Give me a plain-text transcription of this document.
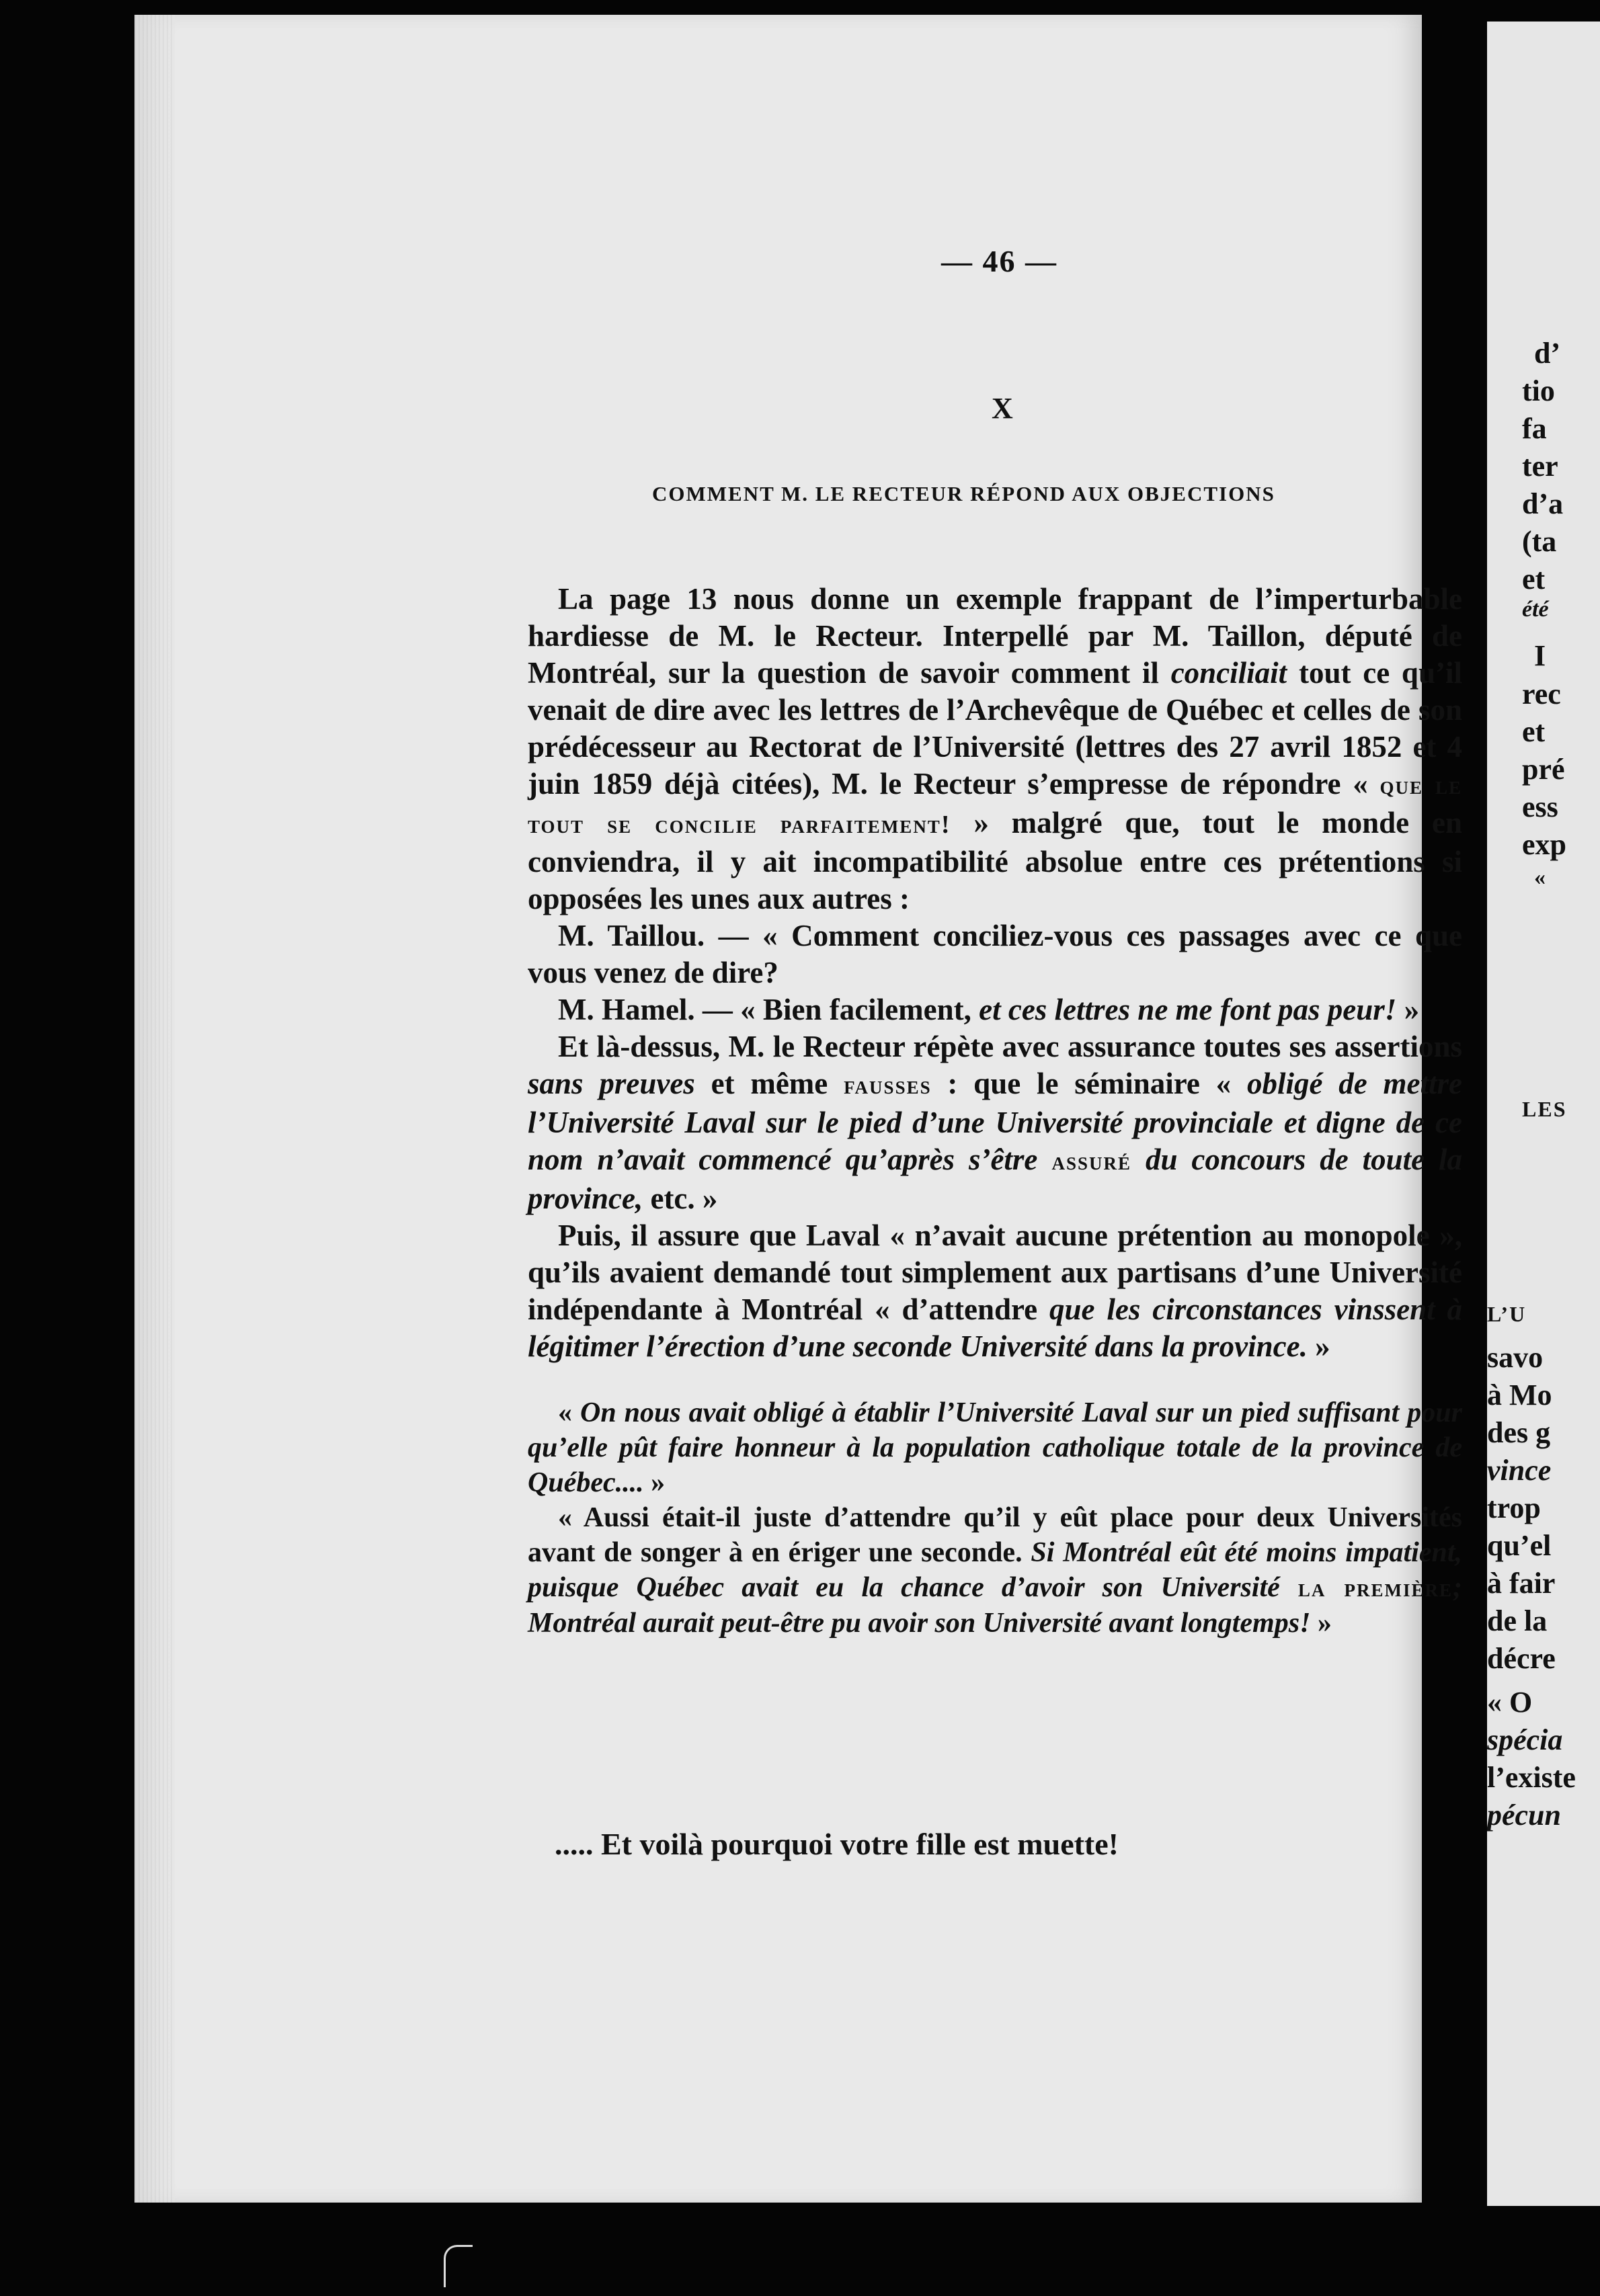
— 46 —
X
COMMENT M. LE RECTEUR RÉPOND AUX OBJECTIONS

La page 13 nous donne un exemple frappant de l’imperturbable hardiesse de M. le Recteur. Interpellé par M. Taillon, député de Montréal, sur la question de savoir comment il conciliait tout ce qu’il venait de dire avec les lettres de l’Archevêque de Québec et celles de son prédécesseur au Rectorat de l’Université (lettres des 27 avril 1852 et 4 juin 1859 déjà citées), M. le Recteur s’empresse de répondre « que le tout se concilie parfaitement! » malgré que, tout le monde en conviendra, il y ait incompatibilité absolue entre ces prétentions si opposées les unes aux autres :

M. Taillou. — « Comment conciliez-vous ces passages avec ce que vous venez de dire?

M. Hamel. — « Bien facilement, et ces lettres ne me font pas peur! »

Et là-dessus, M. le Recteur répète avec assurance toutes ses assertions sans preuves et même fausses : que le séminaire « obligé de mettre l’Université Laval sur le pied d’une Université provinciale et digne de ce nom n’avait commencé qu’après s’être assuré du concours de toute la province, etc. »

Puis, il assure que Laval « n’avait aucune prétention au monopole », qu’ils avaient demandé tout simplement aux partisans d’une Université indépendante à Montréal « d’attendre que les circonstances vinssent à légitimer l’érection d’une seconde Université dans la province. »

« On nous avait obligé à établir l’Université Laval sur un pied suffisant pour qu’elle pût faire honneur à la population catholique totale de la province de Québec.... »

« Aussi était-il juste d’attendre qu’il y eût place pour deux Universités avant de songer à en ériger une seconde. Si Montréal eût été moins impatient, puisque Québec avait eu la chance d’avoir son Université la première; Montréal aurait peut-être pu avoir son Université avant longtemps! »

..... Et voilà pourquoi votre fille est muette!
d’
tio
fa
ter
d’a
(ta
et
été
I
rec
et
pré
ess
exp
«
LES
L’U
savo
à Mo
des g
vince
trop
qu’el
à fair
de la
décre
« O
spécia
l’existe
pécun
